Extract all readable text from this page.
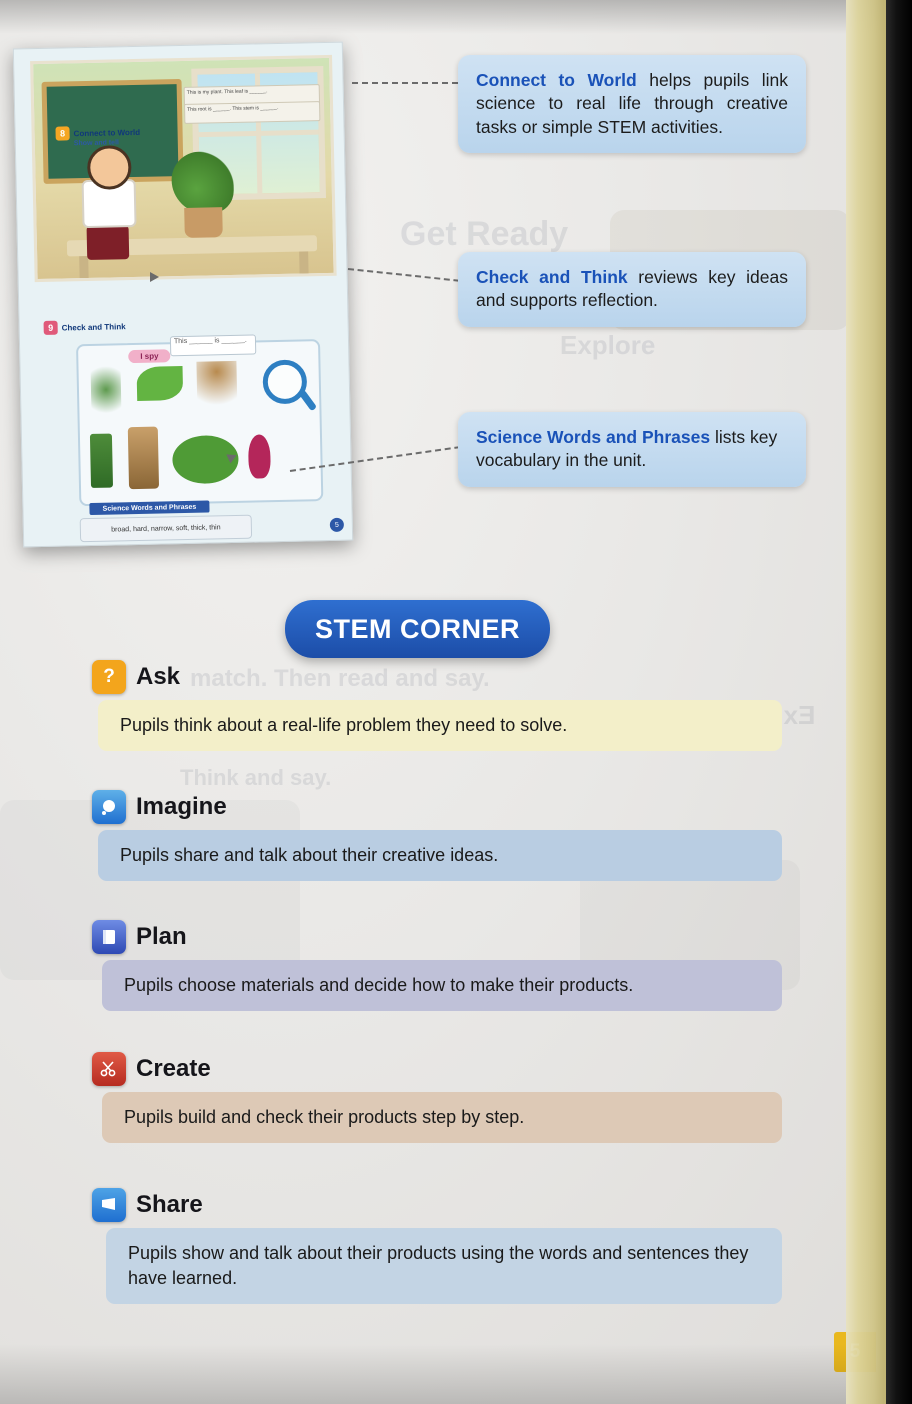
Get Ready
Explore
match. Then read and say.
Think and say.
This is my plant. This leaf is ______.
This root is ______. This stem is ______.
8	Connect to World
Show and tell
9	Check and Think
I spy
This ______ is ______.
Science Words and Phrases
broad, hard, narrow, soft, thick, thin	5
Connect to World helps pupils link science to real life through creative tasks or simple STEM activities.
Check and Think reviews key ideas and supports reflection.
Science Words and Phrases lists key vocabulary in the unit.
STEM CORNER
? Ask
Pupils think about a real-life problem they need to solve.
Imagine
Pupils share and talk about their creative ideas.
Plan
Pupils choose materials and decide how to make their products.
Create
Pupils build and check their products step by step.
Share
Pupils show and talk about their products using the words and sentences they have learned.
